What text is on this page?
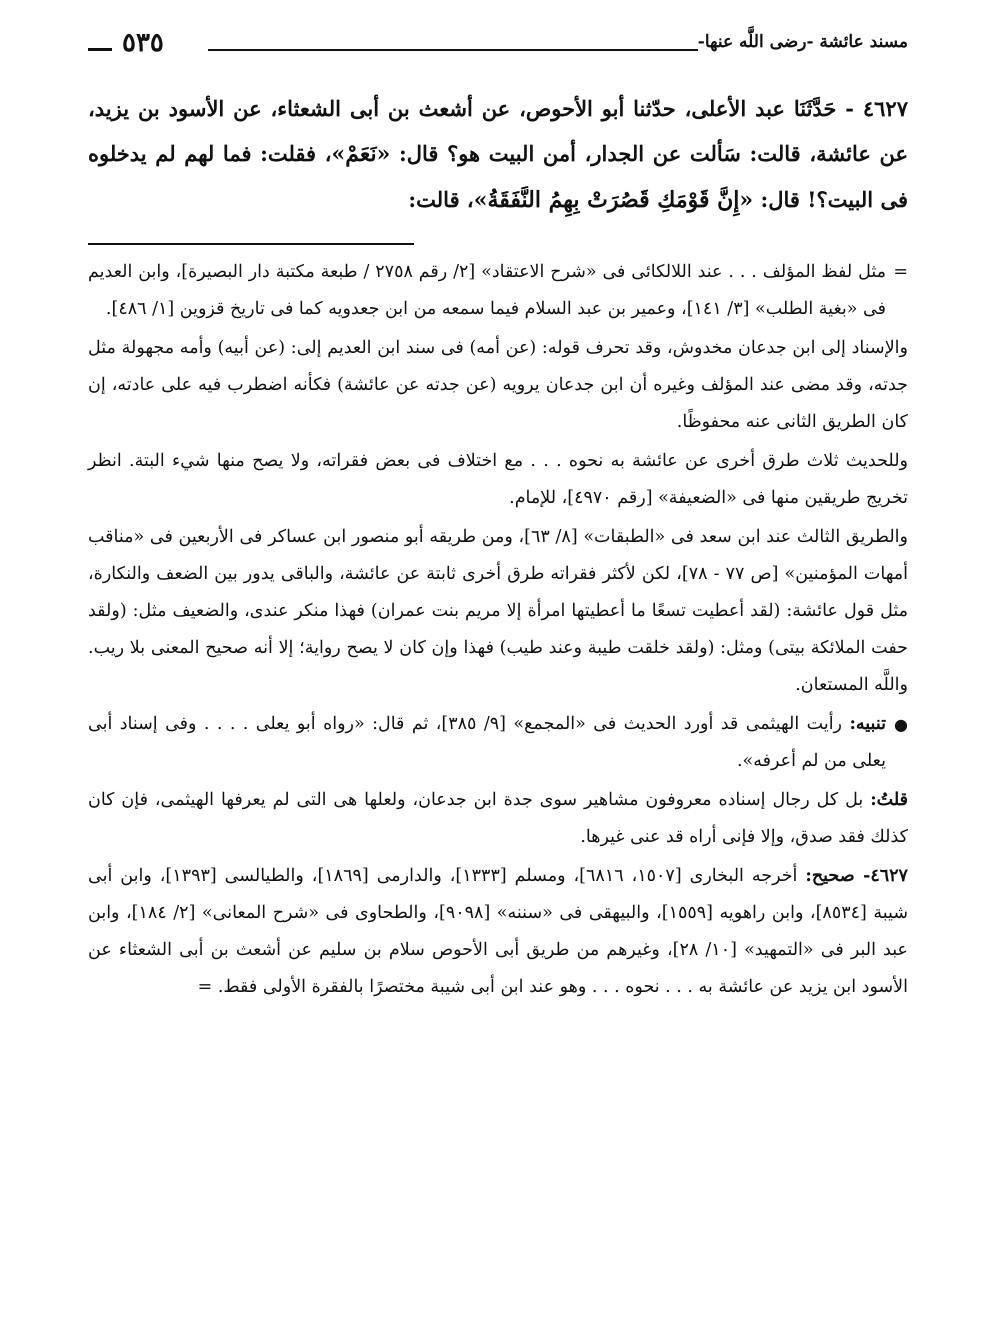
مسند عائشة -رضى اللَّه عنها-
٥٣٥

٤٦٢٧ - حَدَّثَنَا عبد الأعلى، حدّثنا أبو الأحوص، عن أشعث بن أبى الشعثاء، عن الأسود بن يزيد، عن عائشة، قالت: سَألت عن الجدار، أمن البيت هو؟ قال: «نَعَمْ»، فقلت: فما لهم لم يدخلوه فى البيت؟! قال: «إِنَّ قَوْمَكِ قَصُرَتْ بِهِمُ النَّفَقَةُ»، قالت:

=
مثل لفظ المؤلف . . . عند اللالكائى فى «شرح الاعتقاد» [٢/ رقم ٢٧٥٨ / طبعة مكتبة دار البصيرة]، وابن العديم فى «بغية الطلب» [٣/ ١٤١]، وعمير بن عبد السلام فيما سمعه من ابن جعدويه كما فى تاريخ قزوين [١/ ٤٨٦].

والإسناد إلى ابن جدعان مخدوش، وقد تحرف قوله: (عن أمه) فى سند ابن العديم إلى: (عن أبيه) وأمه مجهولة مثل جدته، وقد مضى عند المؤلف وغيره أن ابن جدعان يرويه (عن جدته عن عائشة) فكأنه اضطرب فيه على عادته، إن كان الطريق الثانى عنه محفوظًا.

وللحديث ثلاث طرق أخرى عن عائشة به نحوه . . . مع اختلاف فى بعض فقراته، ولا يصح منها شيء البتة. انظر تخريج طريقين منها فى «الضعيفة» [رقم ٤٩٧٠]، للإمام.

والطريق الثالث عند ابن سعد فى «الطبقات» [٨/ ٦٣]، ومن طريقه أبو منصور ابن عساكر فى الأربعين فى «مناقب أمهات المؤمنين» [ص ٧٧ - ٧٨]، لكن لأكثر فقراته طرق أخرى ثابتة عن عائشة، والباقى يدور بين الضعف والنكارة، مثل قول عائشة: (لقد أعطيت تسعًا ما أعطيتها امرأة إلا مريم بنت عمران) فهذا منكر عندى، والضعيف مثل: (ولقد حفت الملائكة بيتى) ومثل: (ولقد خلقت طيبة وعند طيب) فهذا وإن كان لا يصح رواية؛ إلا أنه صحيح المعنى بلا ريب. واللَّه المستعان.

●
تنبيه: رأيت الهيثمى قد أورد الحديث فى «المجمع» [٩/ ٣٨٥]، ثم قال: «رواه أبو يعلى . . . . وفى إسناد أبى يعلى من لم أعرفه».

قلتُ: بل كل رجال إسناده معروفون مشاهير سوى جدة ابن جدعان، ولعلها هى التى لم يعرفها الهيثمى، فإن كان كذلك فقد صدق، وإلا فإنى أراه قد عنى غيرها.

٤٦٢٧- صحيح: أخرجه البخارى [١٥٠٧، ٦٨١٦]، ومسلم [١٣٣٣]، والدارمى [١٨٦٩]، والطيالسى [١٣٩٣]، وابن أبى شيبة [٨٥٣٤]، وابن راهويه [١٥٥٩]، والبيهقى فى «سننه» [٩٠٩٨]، والطحاوى فى «شرح المعانى» [٢/ ١٨٤]، وابن عبد البر فى «التمهيد» [١٠/ ٢٨]، وغيرهم من طريق أبى الأحوص سلام بن سليم عن أشعث بن أبى الشعثاء عن الأسود ابن يزيد عن عائشة به . . . نحوه . . . وهو عند ابن أبى شيبة مختصرًا بالفقرة الأولى فقط. =
